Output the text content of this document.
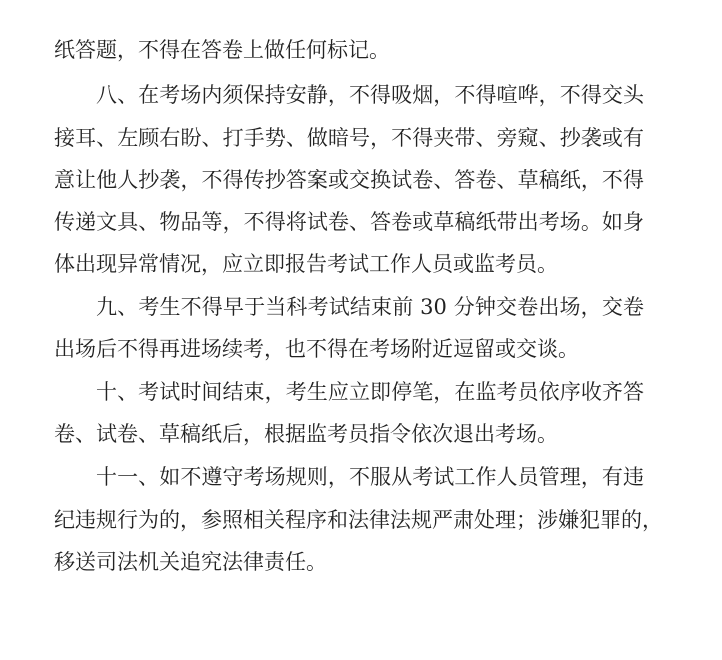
纸答题，不得在答卷上做任何标记。
八、在考场内须保持安静，不得吸烟，不得喧哗，不得交头
接耳、左顾右盼、打手势、做暗号，不得夹带、旁窥、抄袭或有
意让他人抄袭，不得传抄答案或交换试卷、答卷、草稿纸，不得
传递文具、物品等，不得将试卷、答卷或草稿纸带出考场。如身
体出现异常情况，应立即报告考试工作人员或监考员。
九、考生不得早于当科考试结束前 30 分钟交卷出场，交卷
出场后不得再进场续考，也不得在考场附近逗留或交谈。
十、考试时间结束，考生应立即停笔，在监考员依序收齐答
卷、试卷、草稿纸后，根据监考员指令依次退出考场。
十一、如不遵守考场规则，不服从考试工作人员管理，有违
纪违规行为的，参照相关程序和法律法规严肃处理；涉嫌犯罪的，
移送司法机关追究法律责任。
